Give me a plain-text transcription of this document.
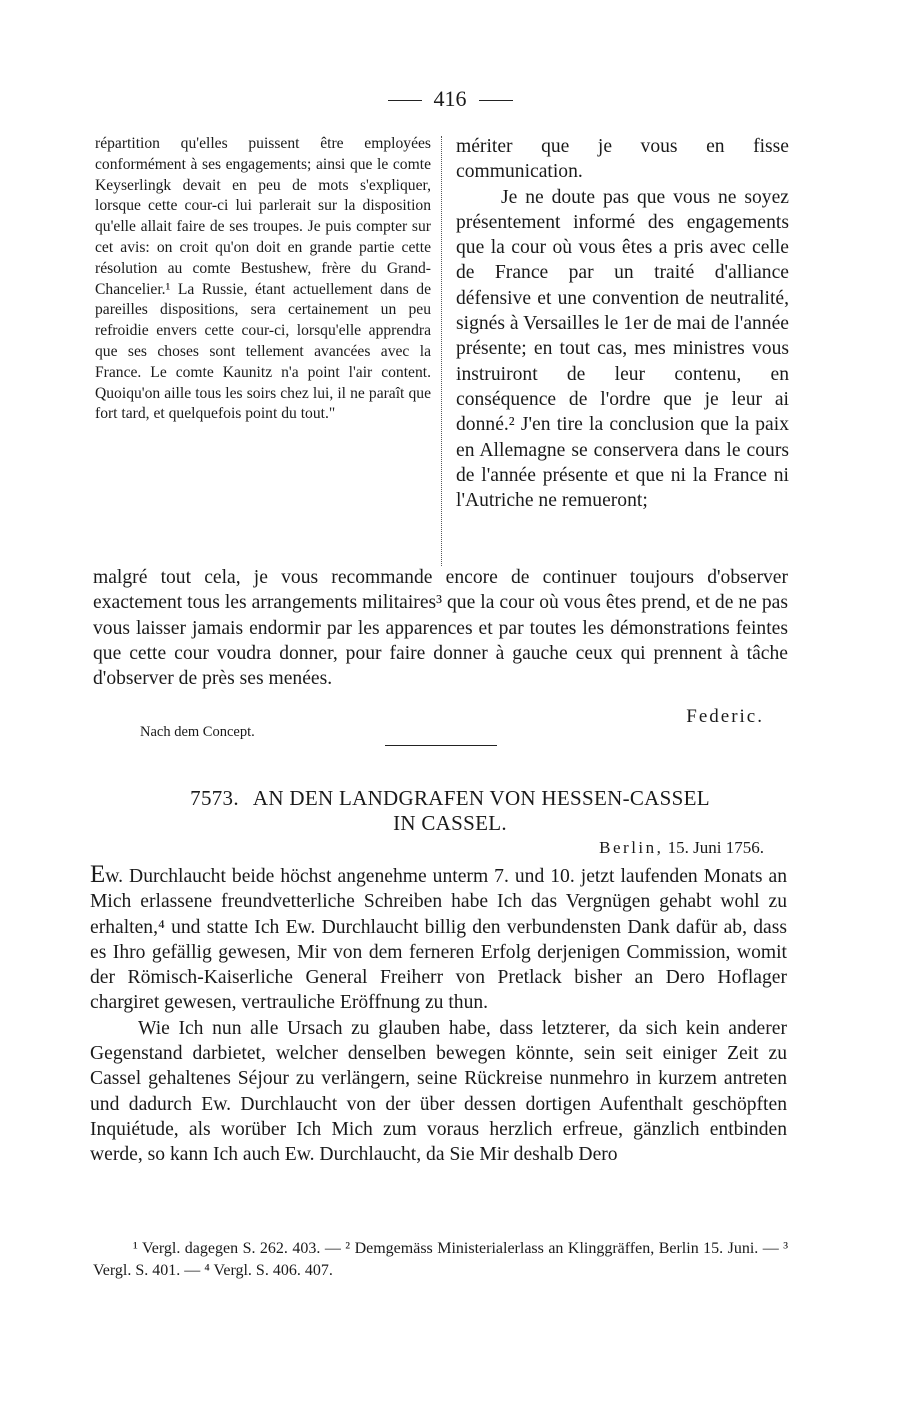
416

répartition qu'elles puissent être employées conformément à ses engagements; ainsi que le comte Keyserlingk devait en peu de mots s'expliquer, lorsque cette cour-ci lui parlerait sur la disposition qu'elle allait faire de ses troupes. Je puis compter sur cet avis: on croit qu'on doit en grande partie cette résolution au comte Bestushew, frère du Grand-Chancelier.¹ La Russie, étant actuellement dans de pareilles dispositions, sera certainement un peu refroidie envers cette cour-ci, lorsqu'elle apprendra que ses choses sont tellement avancées avec la France. Le comte Kaunitz n'a point l'air content. Quoiqu'on aille tous les soirs chez lui, il ne paraît que fort tard, et quelquefois point du tout."

mériter que je vous en fisse communication.

Je ne doute pas que vous ne soyez présentement informé des engagements que la cour où vous êtes a pris avec celle de France par un traité d'alliance défensive et une convention de neutralité, signés à Versailles le 1er de mai de l'année présente; en tout cas, mes ministres vous instruiront de leur contenu, en conséquence de l'ordre que je leur ai donné.² J'en tire la conclusion que la paix en Allemagne se conservera dans le cours de l'année présente et que ni la France ni l'Autriche ne remueront;

malgré tout cela, je vous recommande encore de continuer toujours d'observer exactement tous les arrangements militaires³ que la cour où vous êtes prend, et de ne pas vous laisser jamais endormir par les apparences et par toutes les démonstrations feintes que cette cour voudra donner, pour faire donner à gauche ceux qui prennent à tâche d'observer de près ses menées.

Federic.
Nach dem Concept.
7573. AN DEN LANDGRAFEN VON HESSEN-CASSEL
IN CASSEL.
Berlin, 15. Juni 1756.

Ew. Durchlaucht beide höchst angenehme unterm 7. und 10. jetzt laufenden Monats an Mich erlassene freundvetterliche Schreiben habe Ich das Vergnügen gehabt wohl zu erhalten,⁴ und statte Ich Ew. Durchlaucht billig den verbundensten Dank dafür ab, dass es Ihro gefällig gewesen, Mir von dem ferneren Erfolg derjenigen Commission, womit der Römisch-Kaiserliche General Freiherr von Pretlack bisher an Dero Hoflager chargiret gewesen, vertrauliche Eröffnung zu thun.

Wie Ich nun alle Ursach zu glauben habe, dass letzterer, da sich kein anderer Gegenstand darbietet, welcher denselben bewegen könnte, sein seit einiger Zeit zu Cassel gehaltenes Séjour zu verlängern, seine Rückreise nunmehro in kurzem antreten und dadurch Ew. Durchlaucht von der über dessen dortigen Aufenthalt geschöpften Inquiétude, als worüber Ich Mich zum voraus herzlich erfreue, gänzlich entbinden werde, so kann Ich auch Ew. Durchlaucht, da Sie Mir deshalb Dero

¹ Vergl. dagegen S. 262. 403. — ² Demgemäss Ministerialerlass an Klinggräffen, Berlin 15. Juni. — ³ Vergl. S. 401. — ⁴ Vergl. S. 406. 407.
